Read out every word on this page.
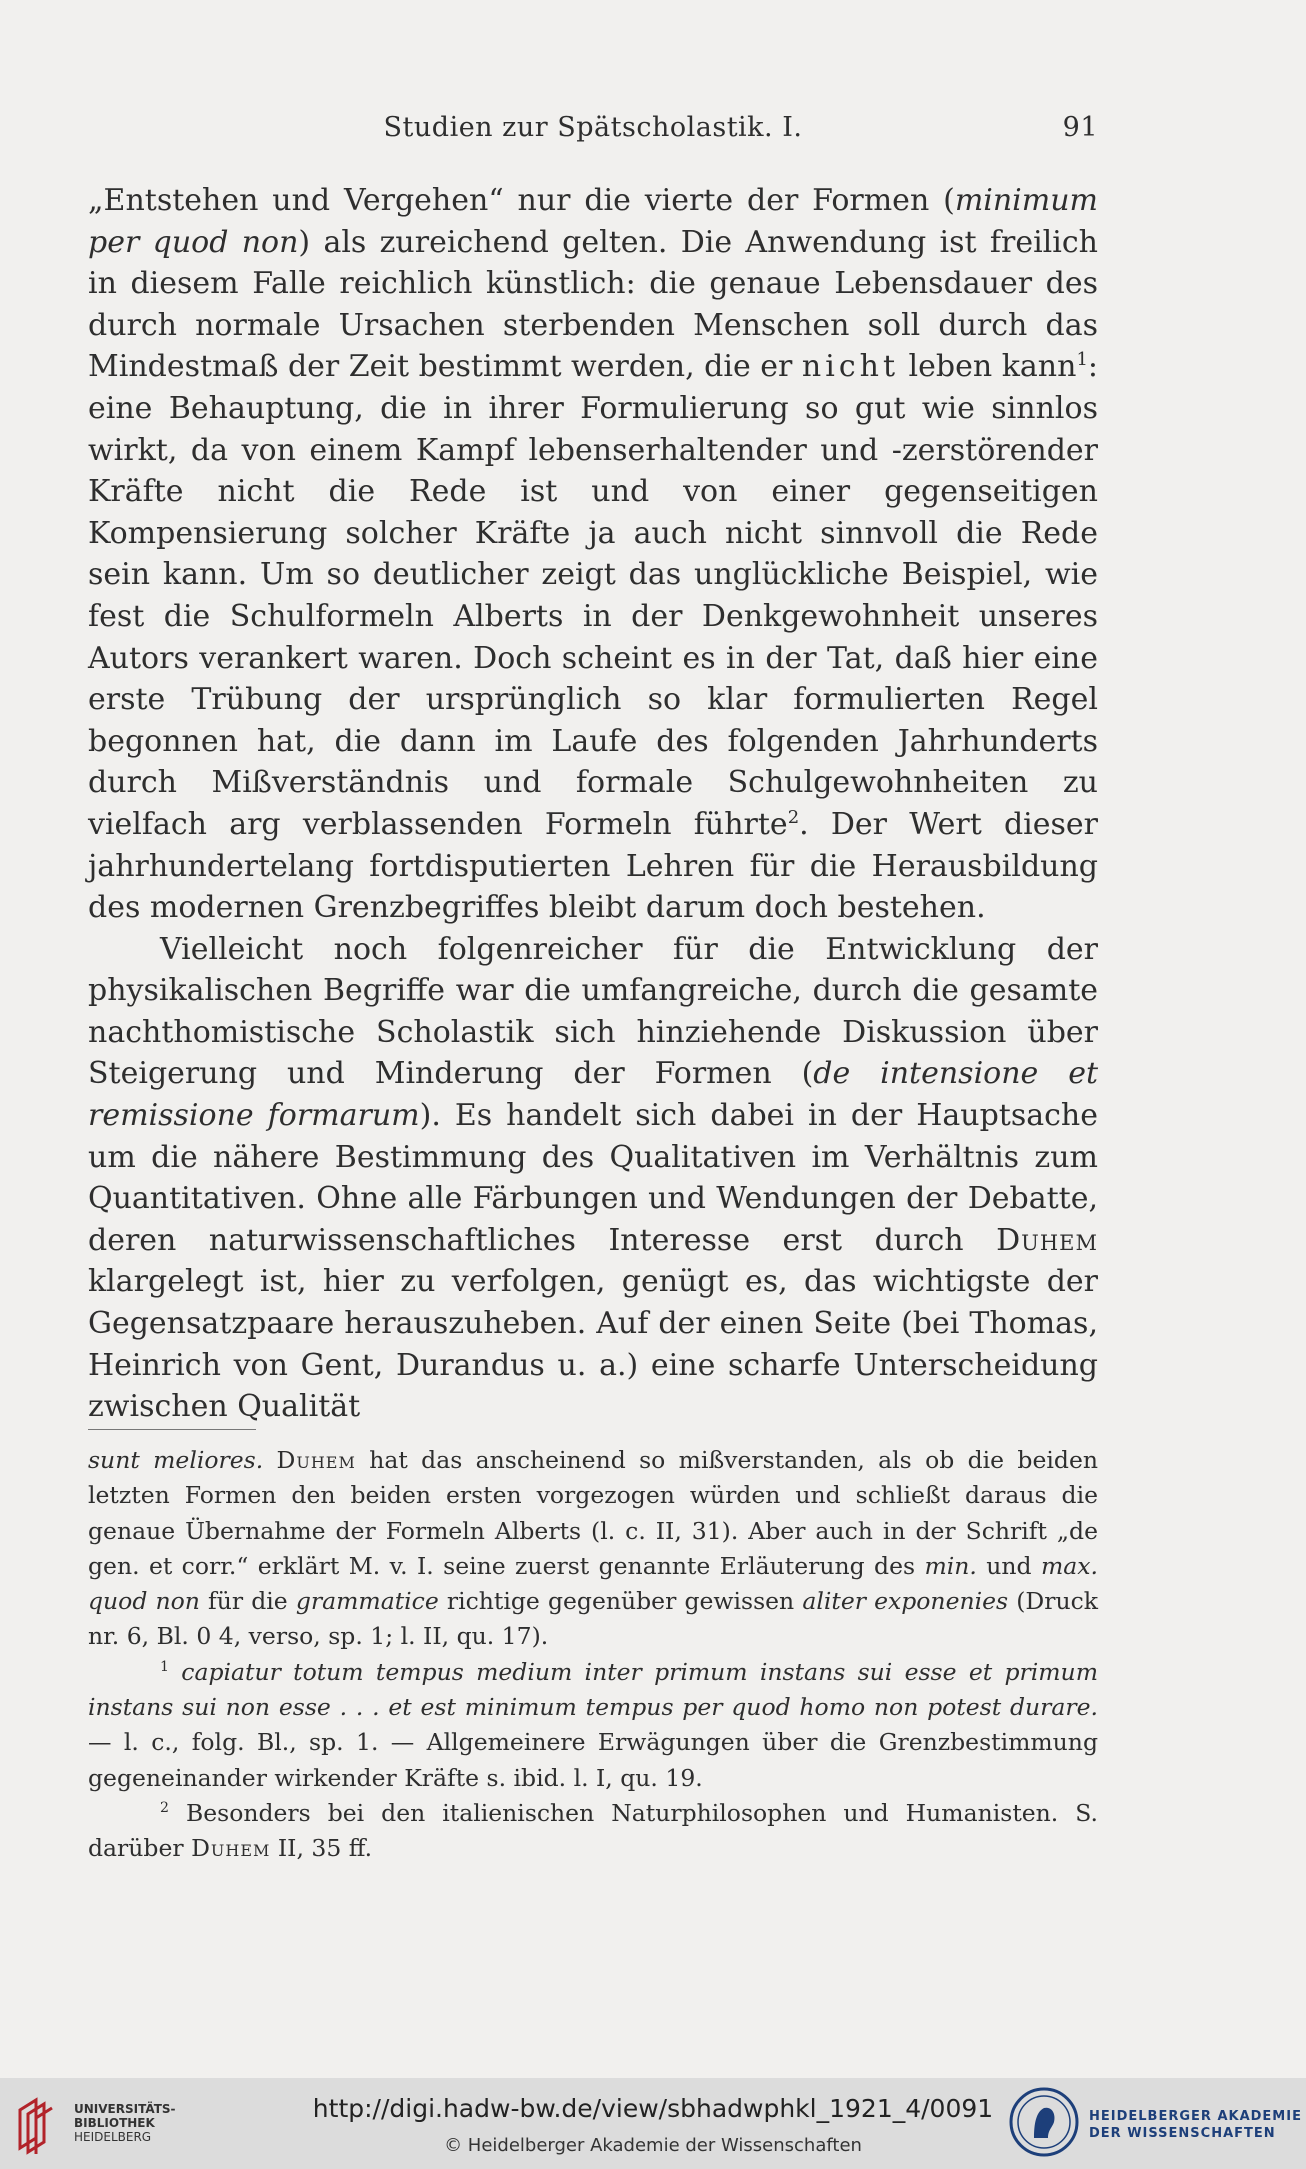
Studien zur Spätscholastik. I.	91

„Entstehen und Vergehen“ nur die vierte der Formen (minimum per quod non) als zureichend gelten. Die Anwendung ist freilich in diesem Falle reichlich künstlich: die genaue Lebensdauer des durch normale Ursachen sterbenden Menschen soll durch das Mindestmaß der Zeit bestimmt werden, die er nicht leben kann$^1$: eine Behauptung, die in ihrer Formulierung so gut wie sinnlos wirkt, da von einem Kampf lebenserhaltender und -zerstörender Kräfte nicht die Rede ist und von einer gegenseitigen Kompensierung solcher Kräfte ja auch nicht sinnvoll die Rede sein kann. Um so deutlicher zeigt das unglückliche Beispiel, wie fest die Schulformeln Alberts in der Denkgewohnheit unseres Autors verankert waren. Doch scheint es in der Tat, daß hier eine erste Trübung der ursprünglich so klar formulierten Regel begonnen hat, die dann im Laufe des folgenden Jahrhunderts durch Mißverständnis und formale Schulgewohnheiten zu vielfach arg verblassenden Formeln führte$^2$. Der Wert dieser jahrhundertelang fortdisputierten Lehren für die Herausbildung des modernen Grenzbegriffes bleibt darum doch bestehen.

Vielleicht noch folgenreicher für die Entwicklung der physikalischen Begriffe war die umfangreiche, durch die gesamte nachthomistische Scholastik sich hinziehende Diskussion über Steigerung und Minderung der Formen (de intensione et remissione formarum). Es handelt sich dabei in der Hauptsache um die nähere Bestimmung des Qualitativen im Verhältnis zum Quantitativen. Ohne alle Färbungen und Wendungen der Debatte, deren naturwissenschaftliches Interesse erst durch Duhem klargelegt ist, hier zu verfolgen, genügt es, das wichtigste der Gegensatzpaare herauszuheben. Auf der einen Seite (bei Thomas, Heinrich von Gent, Durandus u. a.) eine scharfe Unterscheidung zwischen Qualität

sunt meliores. Duhem hat das anscheinend so mißverstanden, als ob die beiden letzten Formen den beiden ersten vorgezogen würden und schließt daraus die genaue Übernahme der Formeln Alberts (l. c. II, 31). Aber auch in der Schrift „de gen. et corr.“ erklärt M. v. I. seine zuerst genannte Erläuterung des min. und max. quod non für die grammatice richtige gegenüber gewissen aliter exponenies (Druck nr. 6, Bl. 0 4, verso, sp. 1; l. II, qu. 17).

$^1$ capiatur totum tempus medium inter primum instans sui esse et primum instans sui non esse . . . et est minimum tempus per quod homo non potest durare. — l. c., folg. Bl., sp. 1. — Allgemeinere Erwägungen über die Grenzbestimmung gegeneinander wirkender Kräfte s. ibid. l. I, qu. 19.

$^2$ Besonders bei den italienischen Naturphilosophen und Humanisten. S. darüber Duhem II, 35 ff.

UNIVERSITÄTS-
BIBLIOTHEK
HEIDELBERG
http://digi.hadw-bw.de/view/sbhadwphkl_1921_4/0091
© Heidelberger Akademie der Wissenschaften
HEIDELBERGER AKADEMIE
DER WISSENSCHAFTEN
